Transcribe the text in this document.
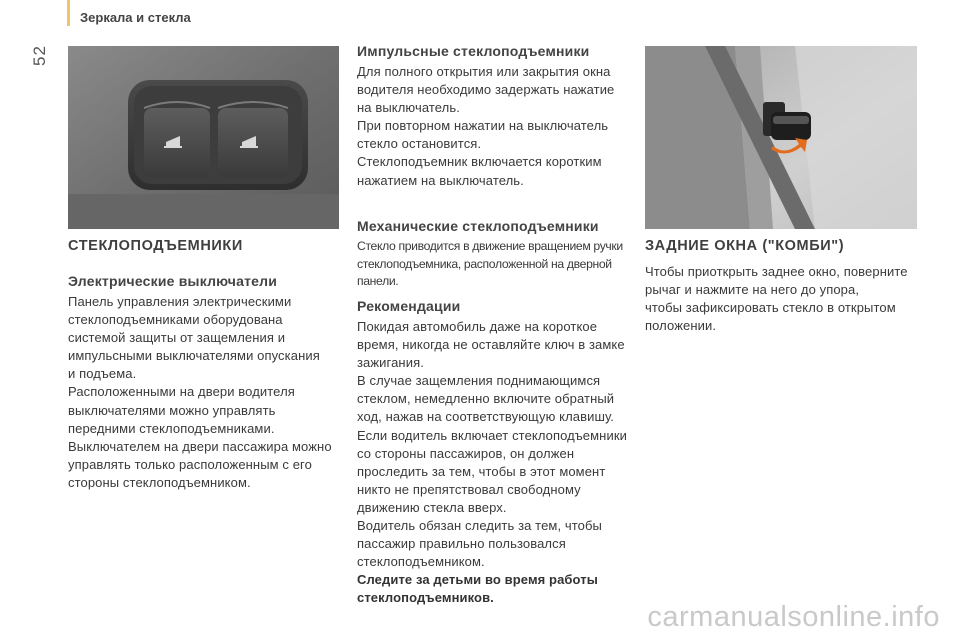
Зеркала и стекла
52
СТЕКЛОПОДЪЕМНИКИ
Электрические выключатели

Панель управления электрическими

стеклоподъемниками оборудована

системой защиты от защемления и

импульсными выключателями опускания

и подъема.

Расположенными на двери водителя

выключателями можно управлять

передними стеклоподъемниками.

Выключателем на двери пассажира можно

управлять только расположенным с его

стороны стеклоподъемником.

Импульсные стеклоподъемники

Для полного открытия или закрытия окна

водителя необходимо задержать нажатие

на выключатель.

При повторном нажатии на выключатель

стекло остановится.

Стеклоподъемник включается коротким

нажатием на выключатель.

Механические стеклоподъемники

Стекло приводится в движение вращением ручки

стеклоподъемника, расположенной на дверной панели.

Рекомендации

Покидая автомобиль даже на короткое

время, никогда не оставляйте ключ в замке

зажигания.

В случае защемления поднимающимся

стеклом, немедленно включите обратный

ход, нажав на соответствующую клавишу.

Если водитель включает стеклоподъемники

со стороны пассажиров, он должен

проследить за тем, чтобы в этот момент

никто не препятствовал свободному

движению стекла вверх.

Водитель обязан следить за тем, чтобы

пассажир правильно пользовался

стеклоподъемником.

Следите за детьми во время работы

стеклоподъемников.

ЗАДНИЕ ОКНА ("КОМБИ")

Чтобы приоткрыть заднее окно, поверните

рычаг и нажмите на него до упора,

чтобы зафиксировать стекло в открытом

положении.

carmanualsonline.info
